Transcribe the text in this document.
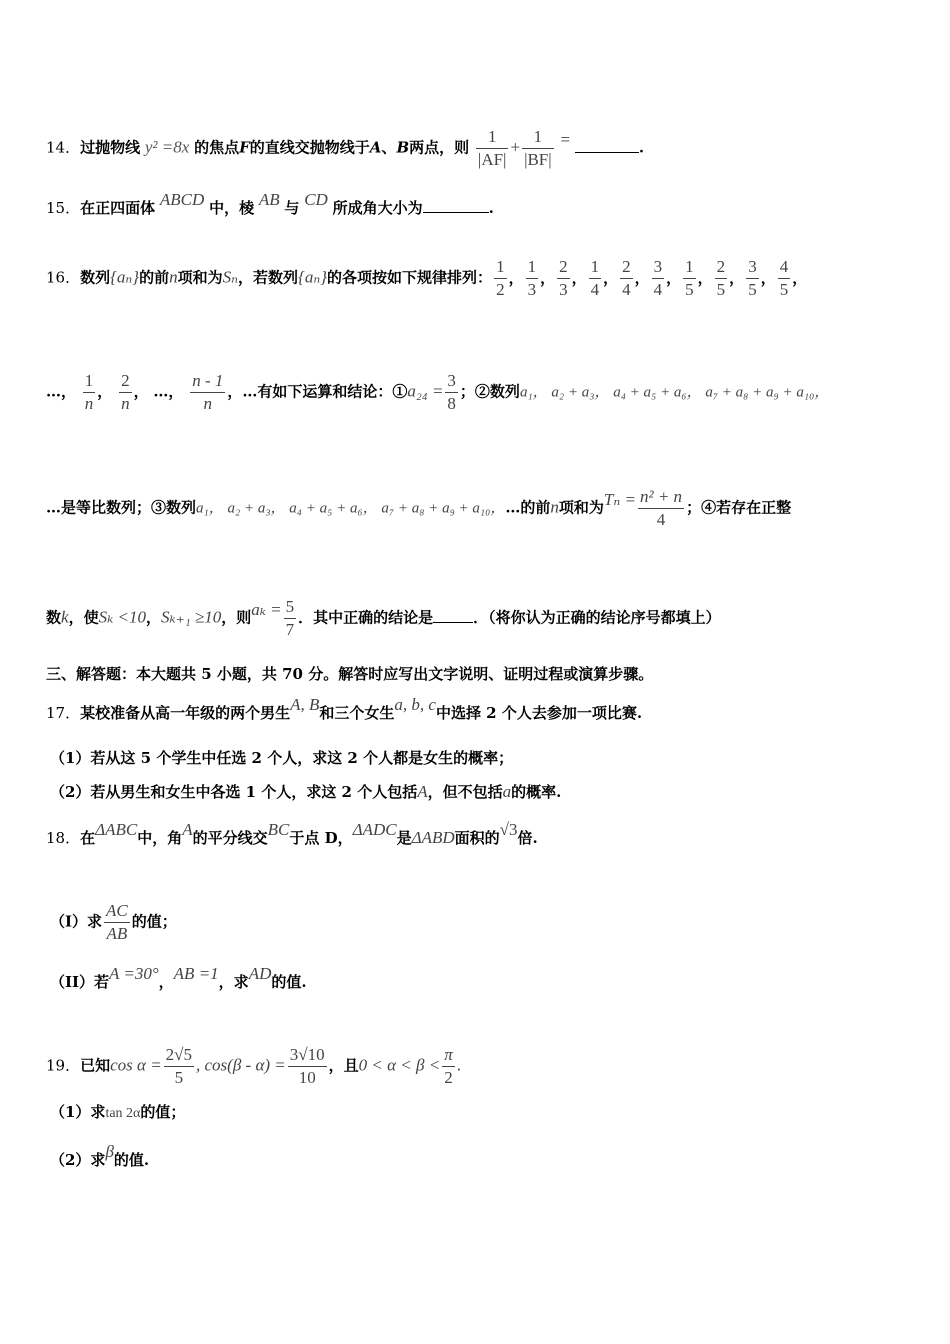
14．过抛物线 y² =8x 的焦点F的直线交抛物线于A、B两点，则 $\frac{1}{|AF|} + \frac{1}{|BF|}$ =	.
15．在正四面体 ABCD 中，棱 AB 与 CD 所成角大小为	.
16．数列{aₙ}的前n项和为Sₙ，若数列{aₙ}的各项按如下规律排列： $\frac{1}{2}$ ， $\frac{1}{3}$ ， $\frac{2}{3}$ ， $\frac{1}{4}$ ， $\frac{2}{4}$ ， $\frac{3}{4}$ ， $\frac{1}{5}$ ， $\frac{2}{5}$ ， $\frac{3}{5}$ ， $\frac{4}{5}$ ，
…， $\frac{1}{n}$ ， $\frac{2}{n}$ ， …， $\frac{n - 1}{n}$ ，…有如下运算和结论：①a₂₄ = $\frac{3}{8}$ ；②数列a₁， a₂ + a₃， a₄ + a₅ + a₆， a₇ + a₈ + a₉ + a₁₀，
…是等比数列；③数列a₁， a₂ + a₃， a₄ + a₅ + a₆， a₇ + a₈ + a₉ + a₁₀，…的前n项和为$T_n = \frac{\text{n² + n}}{4}$ ；④若存在正整
数k，使Sₖ <10，Sₖ₊₁ ≥10，则$a_k = \frac{5}{7}$ ．其中正确的结论是	．（将你认为正确的结论序号都填上）
三、解答题：本大题共 5 小题，共 70 分。解答时应写出文字说明、证明过程或演算步骤。
17．某校准备从高一年级的两个男生A, B和三个女生a, b, c中选择 2 个人去参加一项比赛.
（1）若从这 5 个学生中任选 2 个人，求这 2 个人都是女生的概率；
（2）若从男生和女生中各选 1 个人，求这 2 个人包括A，但不包括a的概率.
18．在ΔABC中，角A的平分线交BC于点 D，ΔADC是ΔABD面积的√3倍.
（I）求 $\frac{AC}{AB}$ 的值；
（II）若A =30°，AB =1，求AD的值.
19．已知$\cos \alpha = \frac{2√5}{5}$ , $\cos(\beta - \alpha) = \frac{3√10}{10}$ ，且$0 < \alpha < \beta < \frac{\pi}{2}$ .
（1）求tan 2α的值；
（2）求β的值.
